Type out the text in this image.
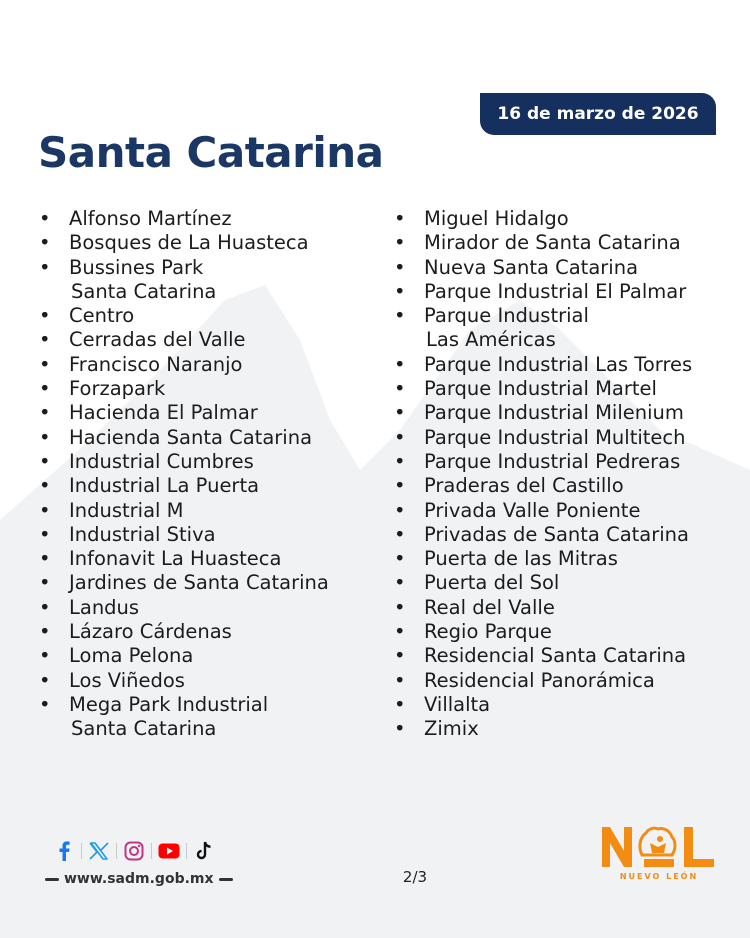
16 de marzo de 2026
Santa Catarina
• Alfonso Martínez
• Bosques de La Huasteca
• Bussines Park
Santa Catarina
• Centro
• Cerradas del Valle
• Francisco Naranjo
• Forzapark
• Hacienda El Palmar
• Hacienda Santa Catarina
• Industrial Cumbres
• Industrial La Puerta
• Industrial M
• Industrial Stiva
• Infonavit La Huasteca
• Jardines de Santa Catarina
• Landus
• Lázaro Cárdenas
• Loma Pelona
• Los Viñedos
• Mega Park Industrial
Santa Catarina
• Miguel Hidalgo
• Mirador de Santa Catarina
• Nueva Santa Catarina
• Parque Industrial El Palmar
• Parque Industrial
Las Américas
• Parque Industrial Las Torres
• Parque Industrial Martel
• Parque Industrial Milenium
• Parque Industrial Multitech
• Parque Industrial Pedreras
• Praderas del Castillo
• Privada Valle Poniente
• Privadas de Santa Catarina
• Puerta de las Mitras
• Puerta del Sol
• Real del Valle
• Regio Parque
• Residencial Santa Catarina
• Residencial Panorámica
• Villalta
• Zimix
www.sadm.gob.mx	2/3	NUEVO LEÓN
